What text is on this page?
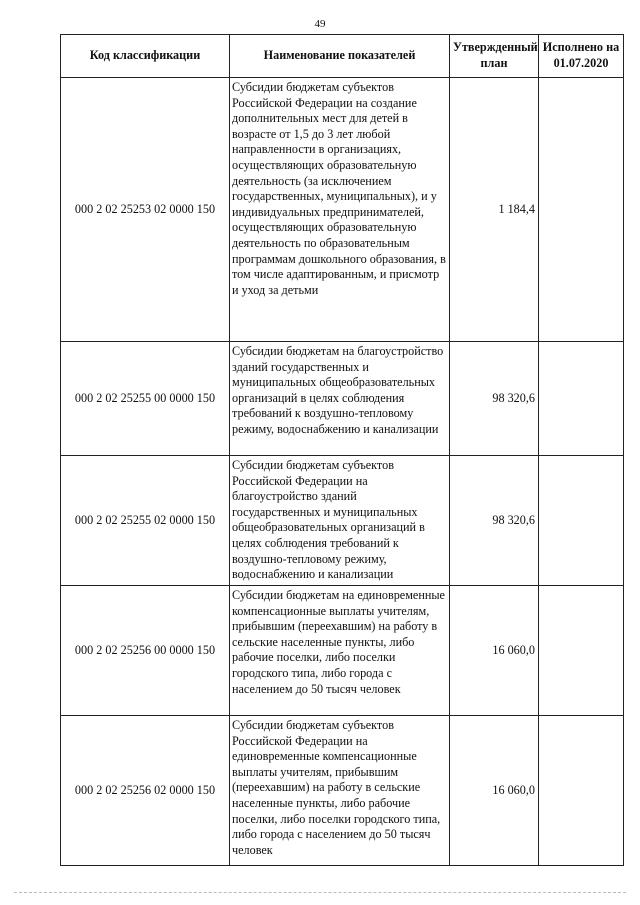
49
Код классификации	Наименование показателей	Утвержденный план	Исполнено на 01.07.2020
000 2 02 25253 02 0000 150	Субсидии бюджетам субъектов Российской Федерации на создание дополнительных мест для детей в возрасте от 1,5 до 3 лет любой направленности в организациях, осуществляющих образовательную деятельность (за исключением государственных, муниципальных), и у индивидуальных предпринимателей, осуществляющих образовательную деятельность по образовательным программам дошкольного образования, в том числе адаптированным, и присмотр и уход за детьми	1 184,4	
000 2 02 25255 00 0000 150	Субсидии бюджетам на благоустройство зданий государственных и муниципальных общеобразовательных организаций в целях соблюдения требований к воздушно-тепловому режиму, водоснабжению и канализации	98 320,6	
000 2 02 25255 02 0000 150	Субсидии бюджетам субъектов Российской Федерации на благоустройство зданий государственных и муниципальных общеобразовательных организаций в целях соблюдения требований к воздушно-тепловому режиму, водоснабжению и канализации	98 320,6	
000 2 02 25256 00 0000 150	Субсидии бюджетам на единовременные компенсационные выплаты учителям, прибывшим (переехавшим) на работу в сельские населенные пункты, либо рабочие поселки, либо поселки городского типа, либо города с населением до 50 тысяч человек	16 060,0	
000 2 02 25256 02 0000 150	Субсидии бюджетам субъектов Российской Федерации на единовременные компенсационные выплаты учителям, прибывшим (переехавшим) на работу в сельские населенные пункты, либо рабочие поселки, либо поселки городского типа, либо города с населением до 50 тысяч человек	16 060,0	
